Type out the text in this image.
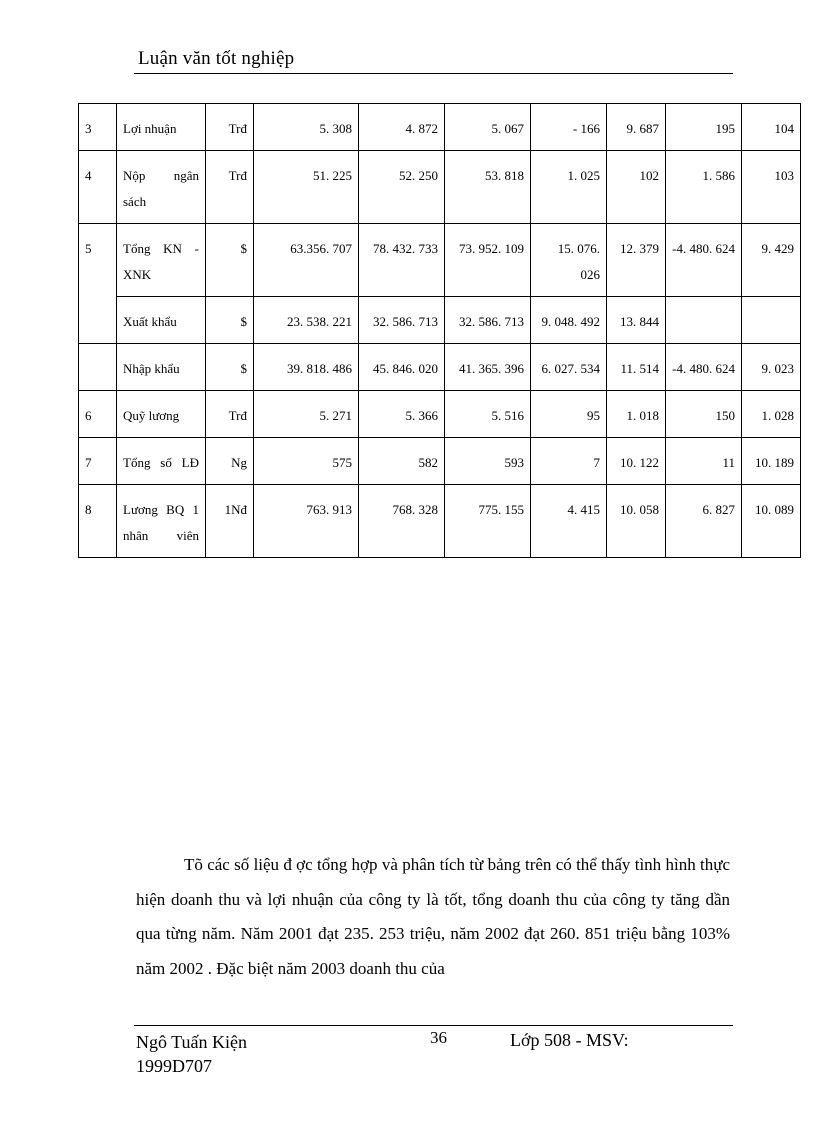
Luận văn tốt nghiệp
3	Lợi nhuận	Trđ	5. 308	4. 872	5. 067	- 166	9. 687	195	104
4	Nộp ngân sách	Trđ	51. 225	52. 250	53. 818	1. 025	102	1. 586	103
5	Tổng KN - XNK	$	63.356. 707	78. 432. 733	73. 952. 109	15. 076. 026	12. 379	-4. 480. 624	9. 429
	Xuất khẩu	$	23. 538. 221	32. 586. 713	32. 586. 713	9. 048. 492	13. 844		
	Nhập khẩu	$	39. 818. 486	45. 846. 020	41. 365. 396	6. 027. 534	11. 514	-4. 480. 624	9. 023
6	Quỹ lương	Trđ	5. 271	5. 366	5. 516	95	1. 018	150	1. 028
7	Tổng số LĐ	Ng	575	582	593	7	10. 122	11	10. 189
8	Lương BQ 1 nhân viên	1Nđ	763. 913	768. 328	775. 155	4. 415	10. 058	6. 827	10. 089
Tõ các số liệu đ ợc tổng hợp và phân tích từ bảng trên có thể thấy tình hình thực hiện doanh thu và lợi nhuận của công ty là tốt, tổng doanh thu của công ty tăng dần qua từng năm. Năm 2001 đạt 235. 253 triệu, năm 2002 đạt 260. 851 triệu bằng 103% năm 2002 . Đặc biệt năm 2003 doanh thu của
Ngô Tuấn Kiện
1999D707
36	Lớp 508 - MSV:
